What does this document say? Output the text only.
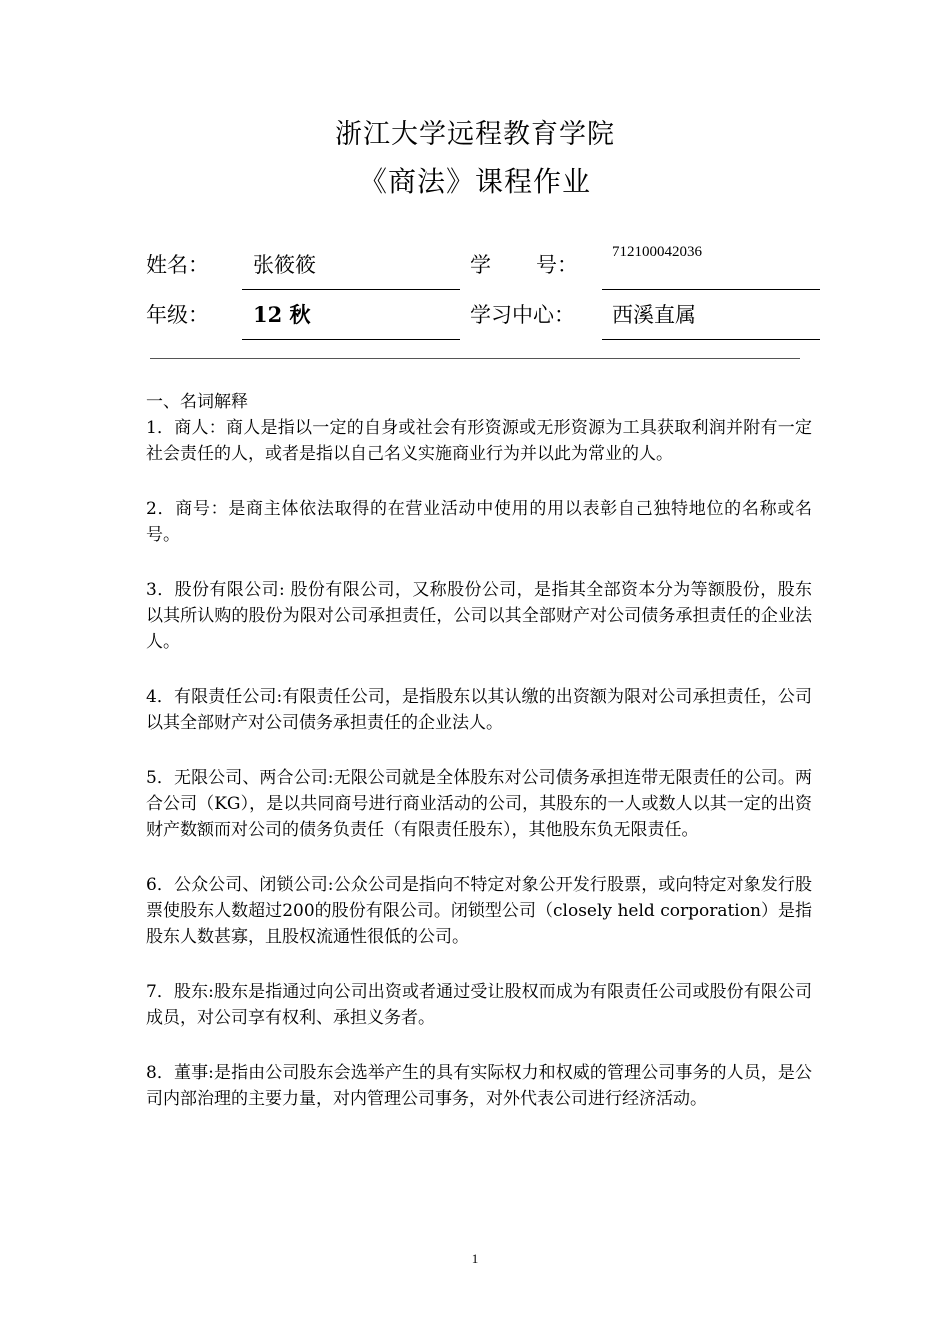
浙江大学远程教育学院
《商法》课程作业
姓名： 张筱筱	学 号：
712100042036
年级： 12 秋	学习中心： 西溪直属

一、名词解释

1．商人：商人是指以一定的自身或社会有形资源或无形资源为工具获取利润并附有一定社会责任的人，或者是指以自己名义实施商业行为并以此为常业的人。

2．商号：是商主体依法取得的在营业活动中使用的用以表彰自己独特地位的名称或名号。

3．股份有限公司: 股份有限公司，又称股份公司，是指其全部资本分为等额股份，股东以其所认购的股份为限对公司承担责任，公司以其全部财产对公司债务承担责任的企业法人。

4．有限责任公司:有限责任公司，是指股东以其认缴的出资额为限对公司承担责任，公司以其全部财产对公司债务承担责任的企业法人。

5．无限公司、两合公司:无限公司就是全体股东对公司债务承担连带无限责任的公司。两合公司（KG），是以共同商号进行商业活动的公司，其股东的一人或数人以其一定的出资财产数额而对公司的债务负责任（有限责任股东），其他股东负无限责任。

6．公众公司、闭锁公司:公众公司是指向不特定对象公开发行股票，或向特定对象发行股票使股东人数超过200的股份有限公司。闭锁型公司（closely held corporation）是指股东人数甚寡，且股权流通性很低的公司。

7．股东:股东是指通过向公司出资或者通过受让股权而成为有限责任公司或股份有限公司成员，对公司享有权利、承担义务者。

8．董事:是指由公司股东会选举产生的具有实际权力和权威的管理公司事务的人员，是公司内部治理的主要力量，对内管理公司事务，对外代表公司进行经济活动。

1
